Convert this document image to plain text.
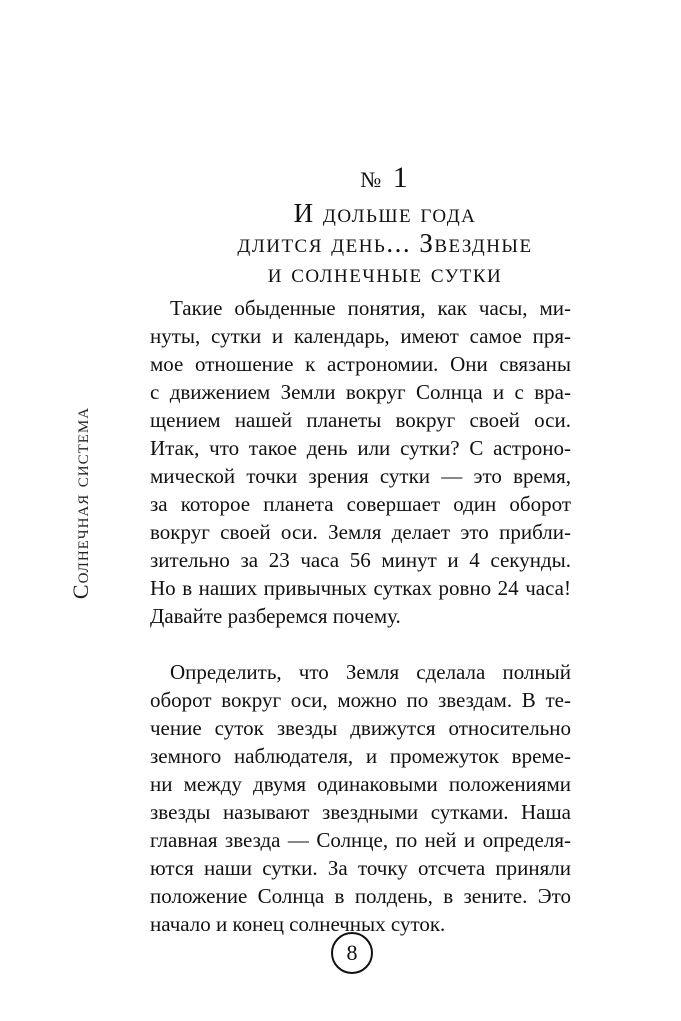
Солнечная система
№ 1
И дольше года
длится день... Звездные
и солнечные сутки
Такие обыденные понятия, как часы, ми-
нуты, сутки и календарь, имеют самое пря-
мое отношение к астрономии. Они связаны
с движением Земли вокруг Солнца и с вра-
щением нашей планеты вокруг своей оси.
Итак, что такое день или сутки? С астроно-
мической точки зрения сутки — это время,
за которое планета совершает один оборот
вокруг своей оси. Земля делает это прибли-
зительно за 23 часа 56 минут и 4 секунды.
Но в наших привычных сутках ровно 24 часа!
Давайте разберемся почему.
Определить, что Земля сделала полный
оборот вокруг оси, можно по звездам. В те-
чение суток звезды движутся относительно
земного наблюдателя, и промежуток време-
ни между двумя одинаковыми положениями
звезды называют звездными сутками. Наша
главная звезда — Солнце, по ней и определя-
ются наши сутки. За точку отсчета приняли
положение Солнца в полдень, в зените. Это
начало и конец солнечных суток.
8
